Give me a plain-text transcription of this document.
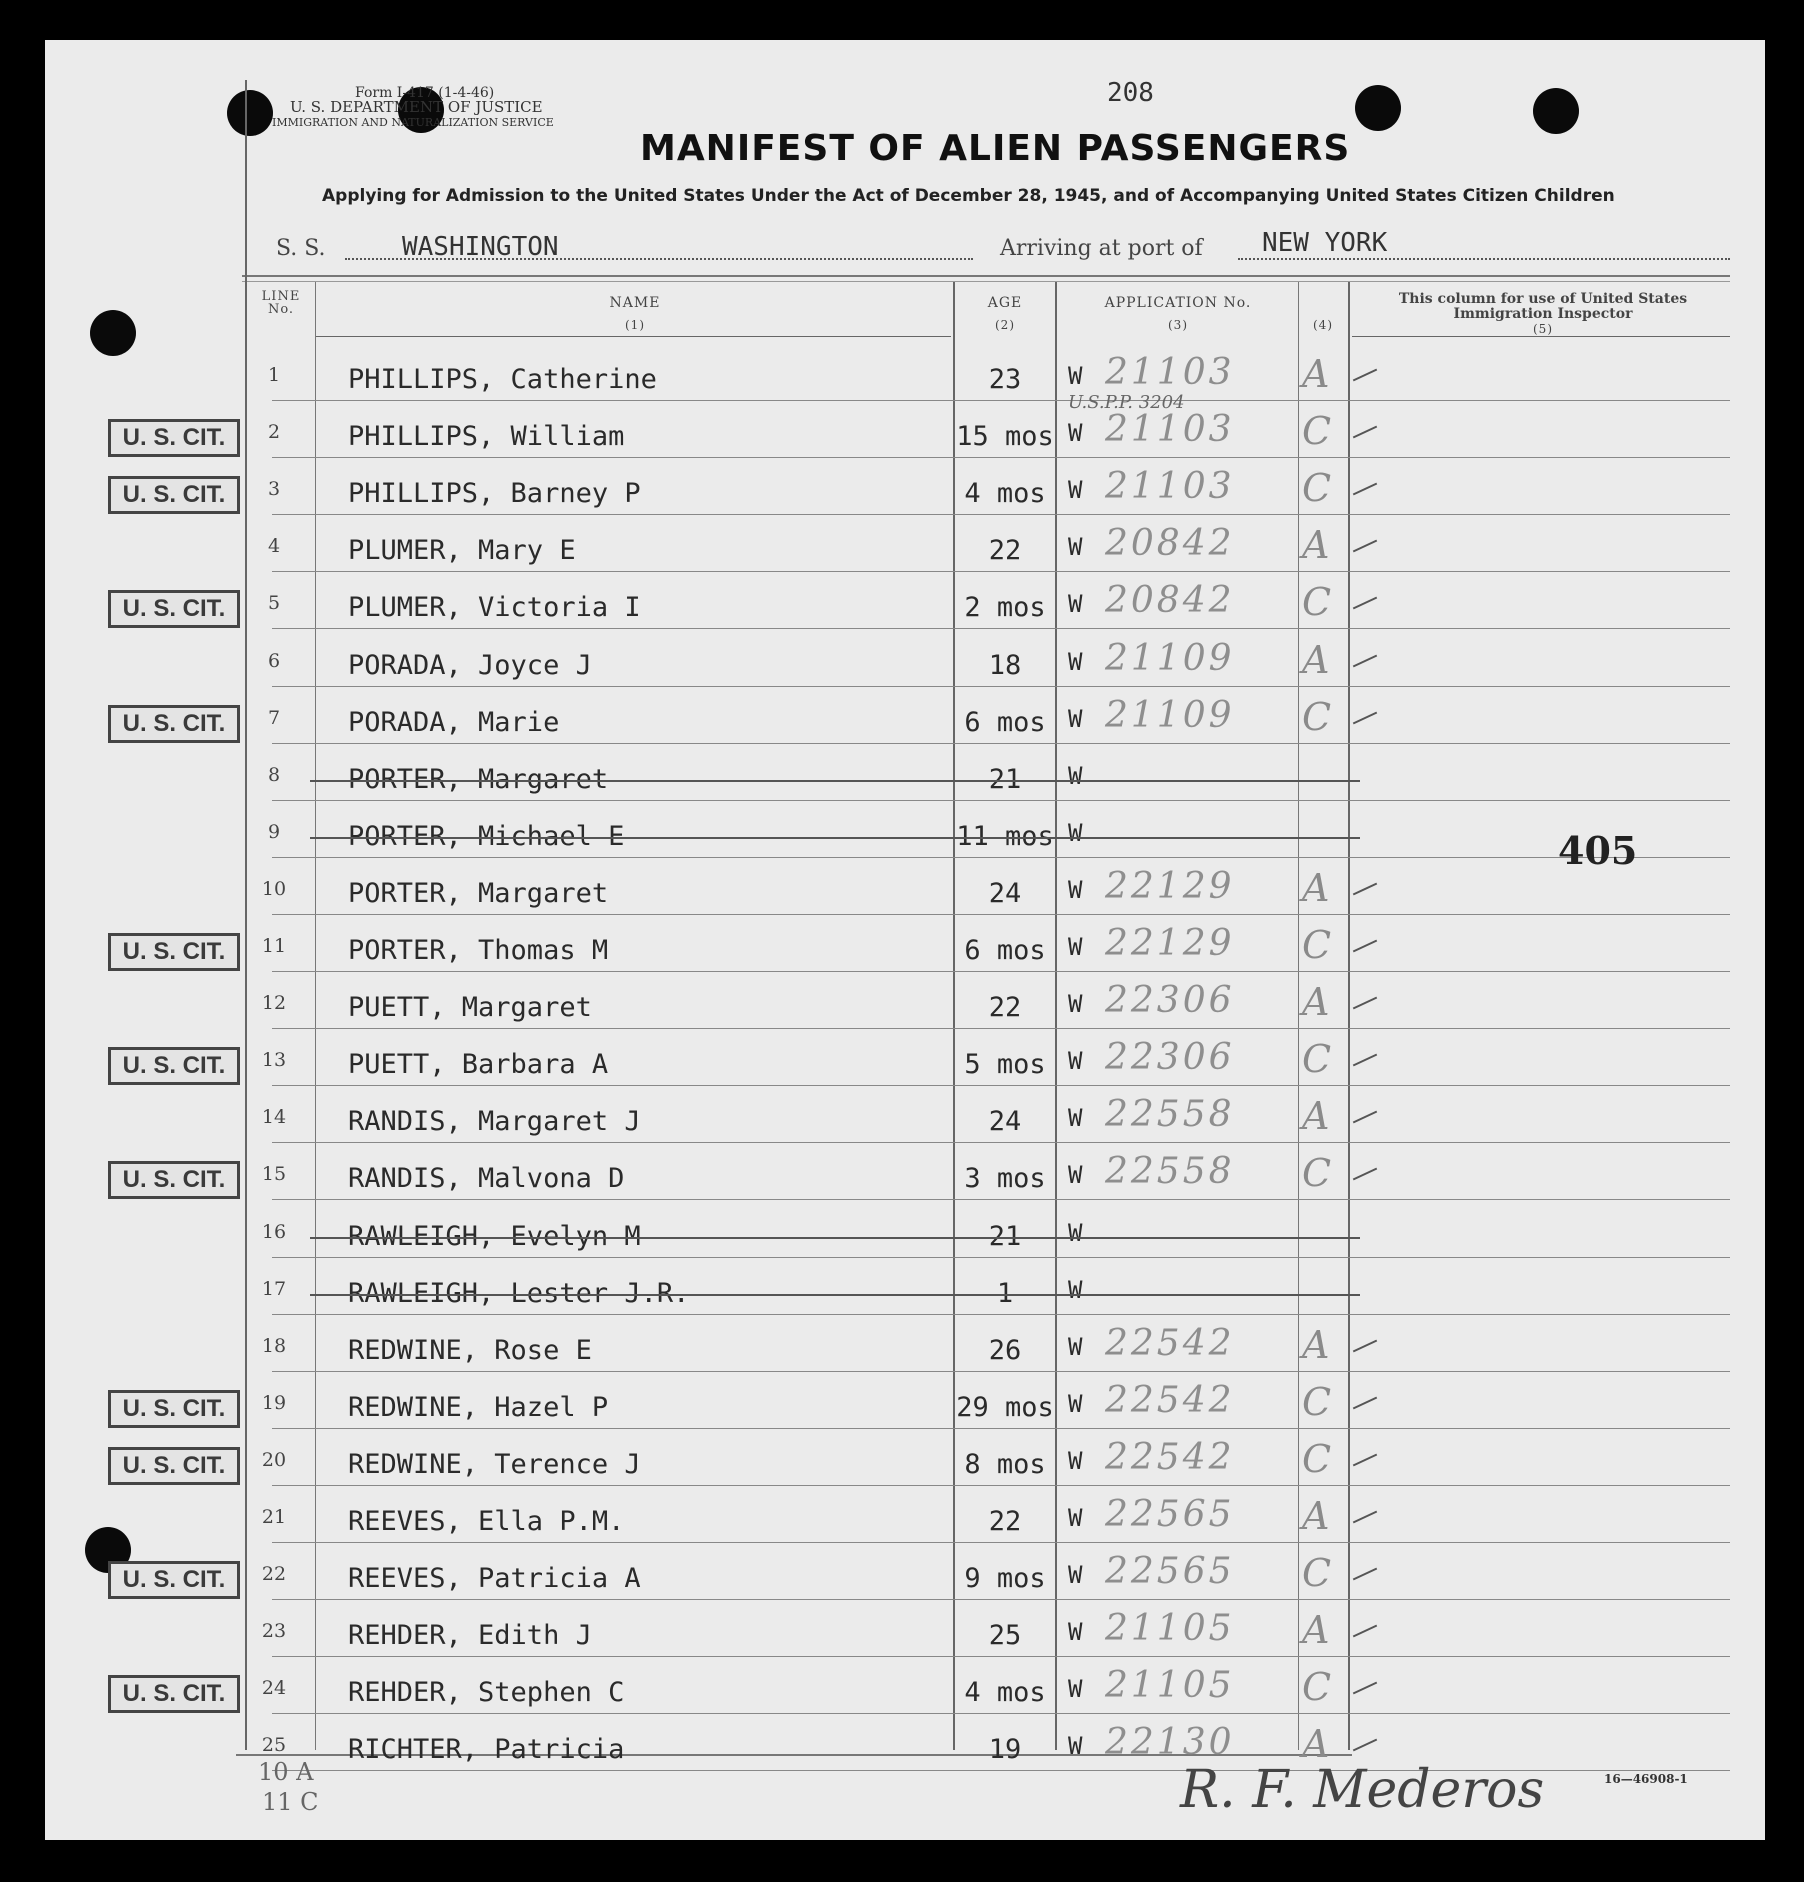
Form I-417 (1-4-46)
U. S. DEPARTMENT OF JUSTICE
IMMIGRATION AND NATURALIZATION SERVICE
208
MANIFEST OF ALIEN PASSENGERS
Applying for Admission to the United States Under the Act of December 28, 1945, and of Accompanying United States Citizen Children
S. S.	WASHINGTON	Arriving at port of NEW YORK
LINE No.	NAME
(1)
AGE
(2)
APPLICATION No.
(3)	(4)
This column for use of United States Immigration Inspector
(5)
1	PHILLIPS, Catherine	23	W 21103 A
2	PHILLIPS, William	15 mos W 21103 C
U. S. CIT.
3	PHILLIPS, Barney P	4 mos W 21103 C
U. S. CIT.
4	PLUMER, Mary E	22	W 20842 A
5	PLUMER, Victoria I	2 mos W 20842 C
U. S. CIT.
6	PORADA, Joyce J	18	W 21109 A
7	PORADA, Marie	6 mos W 21109 C
U. S. CIT.
8	PORTER, Margaret	21	W
9	PORTER, Michael E	11 mos W
10 PORTER, Margaret	24	W 22129 A
11 PORTER, Thomas M	6 mos W 22129 C
U. S. CIT.
12 PUETT, Margaret	22	W 22306 A
13 PUETT, Barbara A	5 mos W 22306 C
U. S. CIT.
14 RANDIS, Margaret J	24	W 22558 A
15 RANDIS, Malvona D	3 mos W 22558 C
U. S. CIT.
16 RAWLEIGH, Evelyn M	21	W
17 RAWLEIGH, Lester J.R.	1	W
18 REDWINE, Rose E	26	W 22542 A
19 REDWINE, Hazel P	29 mos W 22542 C
U. S. CIT.
20 REDWINE, Terence J	8 mos W 22542 C
U. S. CIT.
21 REEVES, Ella P.M.	22	W 22565 A
22 REEVES, Patricia A	9 mos W 22565 C
U. S. CIT.
23 REHDER, Edith J	25	W 21105 A
24 REHDER, Stephen C	4 mos W 21105 C
U. S. CIT.
25 RICHTER, Patricia	19	W 22130 A
U.S.P.P. 3204
405
10 A
11 C	R. F. Mederos	16—46908-1
